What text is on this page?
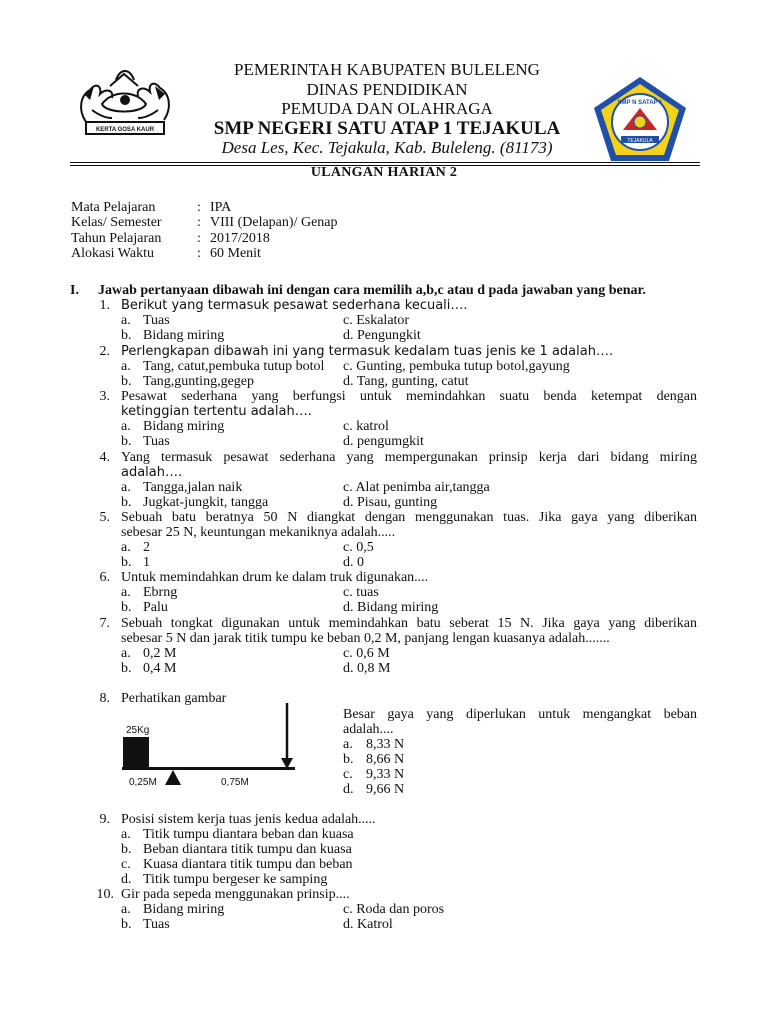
KERTA GOSA KAUR
SMP N SATAP 1
TEJAKULA
PEMERINTAH KABUPATEN BULELENG
DINAS PENDIDIKAN
PEMUDA DAN OLAHRAGA
SMP NEGERI SATU ATAP 1 TEJAKULA
Desa Les, Kec. Tejakula, Kab. Buleleng. (81173)
ULANGAN HARIAN 2
Mata Pelajaran	: IPA
Kelas/ Semester	: VIII (Delapan)/ Genap
Tahun Pelajaran	: 2017/2018
Alokasi Waktu	: 60 Menit
I. Jawab pertanyaan dibawah ini dengan cara memilih a,b,c atau d pada jawaban yang benar.
1. Berikut yang termasuk pesawat sederhana kecuali….
a. Tuas	c. Eskalator
b. Bidang miring	d. Pengungkit
2. Perlengkapan dibawah ini yang termasuk kedalam tuas jenis ke 1 adalah….
a. Tang, catut,pembuka tutup botol c. Gunting, pembuka tutup botol,gayung
b. Tang,gunting,gegep	d. Tang, gunting, catut
3. Pesawat sederhana yang berfungsi untuk memindahkan suatu benda ketempat dengan
ketinggian tertentu adalah….
a. Bidang miring	c. katrol
b. Tuas	d. pengumgkit
4. Yang termasuk pesawat sederhana yang mempergunakan prinsip kerja dari bidang miring
adalah….
a. Tangga,jalan naik	c. Alat penimba air,tangga
b. Jugkat-jungkit, tangga	d. Pisau, gunting
5. Sebuah batu beratnya 50 N diangkat dengan menggunakan tuas. Jika gaya yang diberikan
sebesar 25 N, keuntungan mekaniknya adalah.....
a. 2	c. 0,5
b. 1	d. 0
6. Untuk memindahkan drum ke dalam truk digunakan....
a. Ebrng	c. tuas
b. Palu	d. Bidang miring
7. Sebuah tongkat digunakan untuk memindahkan batu seberat 15 N. Jika gaya yang diberikan
sebesar 5 N dan jarak titik tumpu ke beban 0,2 M, panjang lengan kuasanya adalah.......
a. 0,2 M	c. 0,6 M
b. 0,4 M	d. 0,8 M
8. Perhatikan gambar
25Kg
0,25M	0,75M
Besar gaya yang diperlukan untuk mengangkat beban
adalah....
a. 8,33 N
b. 8,66 N
c. 9,33 N
d. 9,66 N
9. Posisi sistem kerja tuas jenis kedua adalah.....
a. Titik tumpu diantara beban dan kuasa
b. Beban diantara titik tumpu dan kuasa
c. Kuasa diantara titik tumpu dan beban
d. Titik tumpu bergeser ke samping
10. Gir pada sepeda menggunakan prinsip....
a. Bidang miring	c. Roda dan poros
b. Tuas	d. Katrol
